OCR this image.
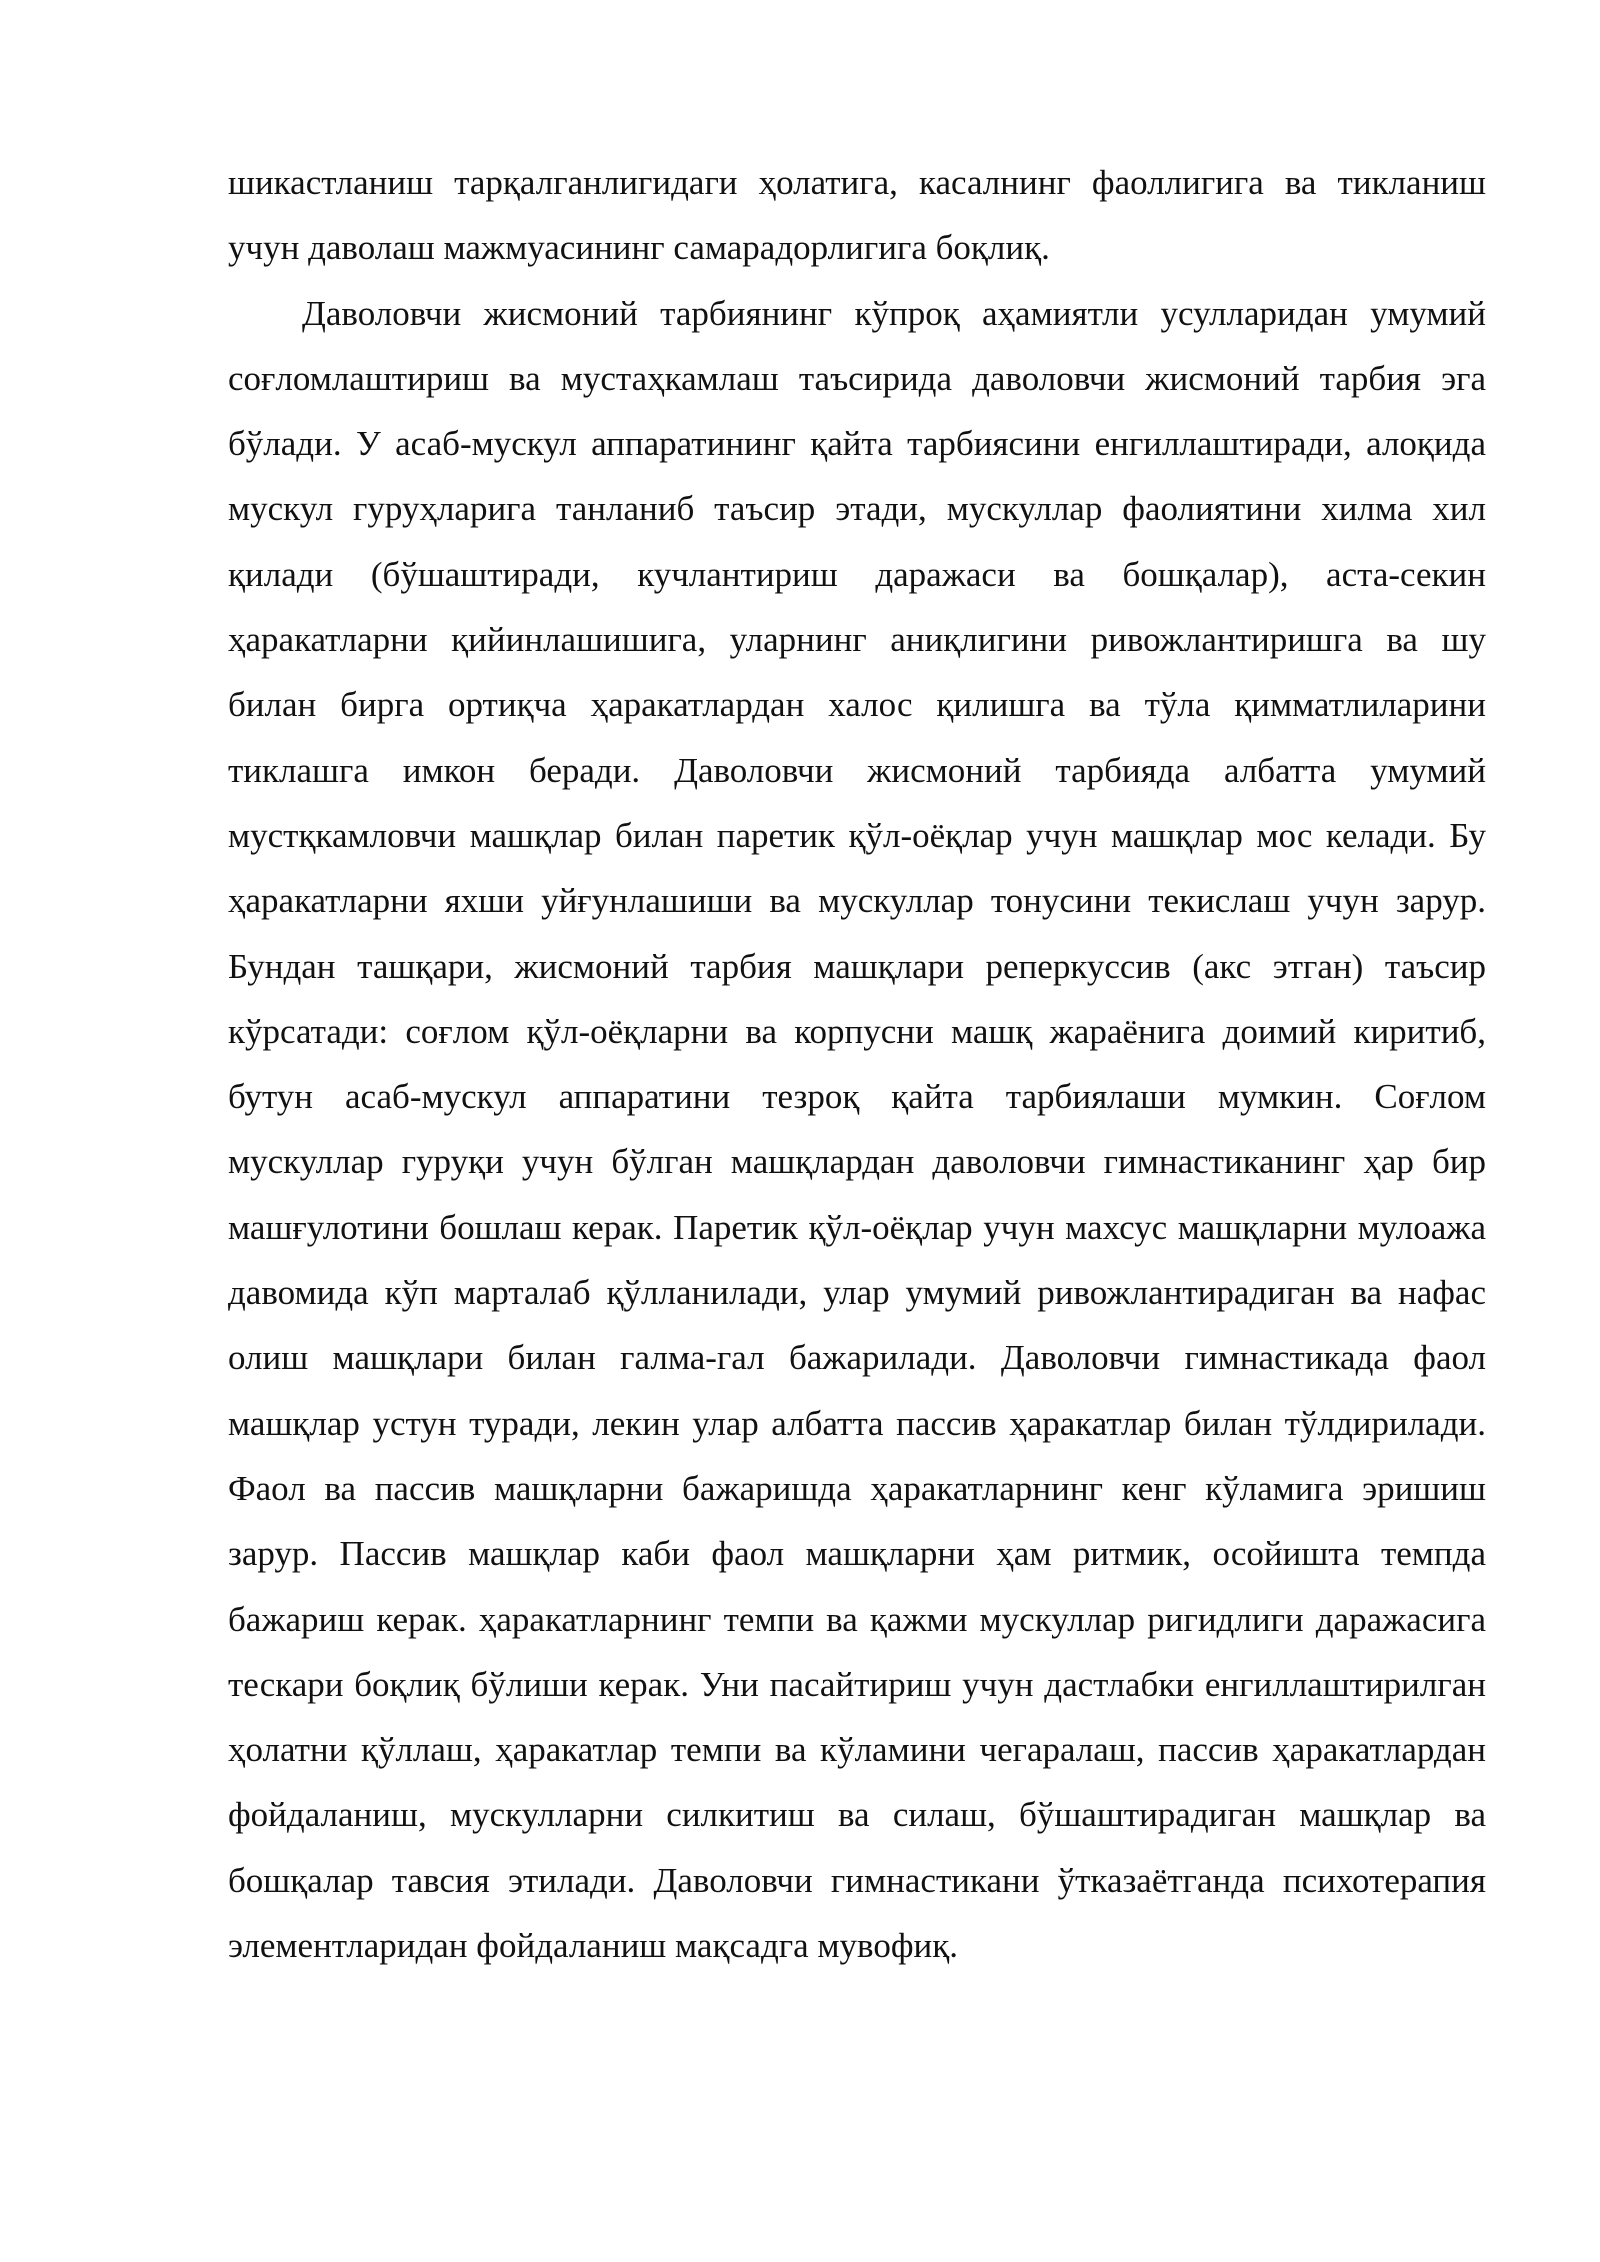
шикастланиш тарқалганлигидаги ҳолатига, касалнинг фаоллигига ва тикланиш учун даволаш мажмуасининг самарадорлигига боқлиқ.

Даволовчи жисмоний тарбиянинг кўпроқ аҳамиятли усулларидан умумий соғломлаштириш ва мустаҳкамлаш таъсирида даволовчи жисмоний тарбия эга бўлади. У асаб-мускул аппаратининг қайта тарбиясини енгиллаштиради, алоқида мускул гуруҳларига танланиб таъсир этади, мускуллар фаолиятини хилма хил қилади (бўшаштиради, кучлантириш даражаси ва бошқалар), аста-секин ҳаракатларни қийинлашишига, уларнинг аниқлигини ривожлантиришга ва шу билан бирга ортиқча ҳаракатлардан халос қилишга ва тўла қимматлиларини тиклашга имкон беради. Даволовчи жисмоний тарбияда албатта умумий мустқкамловчи машқлар билан паретик қўл-оёқлар учун машқлар мос келади. Бу ҳаракатларни яхши уйғунлашиши ва мускуллар тонусини текислаш учун зарур. Бундан ташқари, жисмоний тарбия машқлари реперкуссив (акс этган) таъсир кўрсатади: соғлом қўл-оёқларни ва корпусни машқ жараёнига доимий киритиб, бутун асаб-мускул аппаратини тезроқ қайта тарбиялаши мумкин. Соғлом мускуллар гуруқи учун бўлган машқлардан даволовчи гимнастиканинг ҳар бир машғулотини бошлаш керак. Паретик қўл-оёқлар учун махсус машқларни мулоажа давомида кўп марталаб қўлланилади, улар умумий ривожлантирадиган ва нафас олиш машқлари билан галма-гал бажарилади. Даволовчи гимнастикада фаол машқлар устун туради, лекин улар албатта пассив ҳаракатлар билан тўлдирилади. Фаол ва пассив машқларни бажаришда ҳаракатларнинг кенг кўламига эришиш зарур. Пассив машқлар каби фаол машқларни ҳам ритмик, осойишта темпда бажариш керак. ҳаракатларнинг темпи ва қажми мускуллар ригидлиги даражасига тескари боқлиқ бўлиши керак. Уни пасайтириш учун дастлабки енгиллаштирилган ҳолатни қўллаш, ҳаракатлар темпи ва кўламини чегаралаш, пассив ҳаракатлардан фойдаланиш, мускулларни силкитиш ва силаш, бўшаштирадиган машқлар ва бошқалар тавсия этилади. Даволовчи гимнастикани ўтказаётганда психотерапия элементларидан фойдаланиш мақсадга мувофиқ.
